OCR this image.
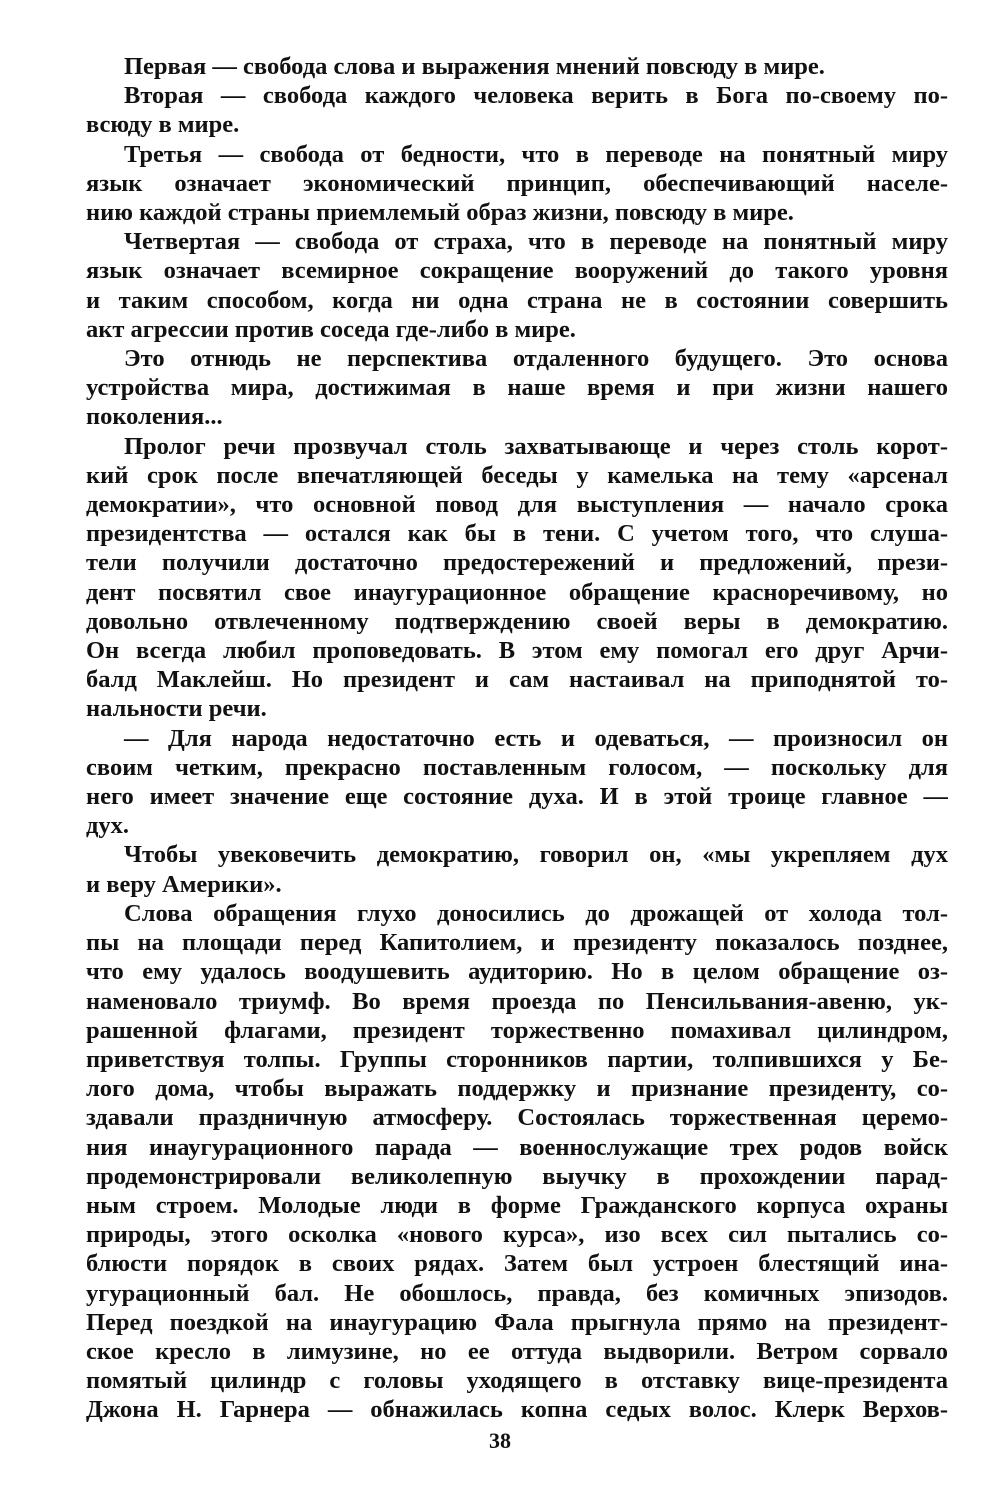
Первая — свобода слова и выражения мнений повсюду в мире.

Вторая — свобода каждого человека верить в Бога по-своему по-
всюду в мире.

Третья — свобода от бедности, что в переводе на понятный миру
язык означает экономический принцип, обеспечивающий населе-
нию каждой страны приемлемый образ жизни, повсюду в мире.

Четвертая — свобода от страха, что в переводе на понятный миру
язык означает всемирное сокращение вооружений до такого уровня
и таким способом, когда ни одна страна не в состоянии совершить
акт агрессии против соседа где-либо в мире.

Это отнюдь не перспектива отдаленного будущего. Это основа
устройства мира, достижимая в наше время и при жизни нашего
поколения...

Пролог речи прозвучал столь захватывающе и через столь корот-
кий срок после впечатляющей беседы у камелька на тему «арсенал
демократии», что основной повод для выступления — начало срока
президентства — остался как бы в тени. С учетом того, что слуша-
тели получили достаточно предостережений и предложений, прези-
дент посвятил свое инаугурационное обращение красноречивому, но
довольно отвлеченному подтверждению своей веры в демократию.
Он всегда любил проповедовать. В этом ему помогал его друг Арчи-
балд Маклейш. Но президент и сам настаивал на приподнятой то-
нальности речи.

— Для народа недостаточно есть и одеваться, — произносил он
своим четким, прекрасно поставленным голосом, — поскольку для
него имеет значение еще состояние духа. И в этой троице главное —
дух.

Чтобы увековечить демократию, говорил он, «мы укрепляем дух
и веру Америки».

Слова обращения глухо доносились до дрожащей от холода тол-
пы на площади перед Капитолием, и президенту показалось позднее,
что ему удалось воодушевить аудиторию. Но в целом обращение оз-
наменовало триумф. Во время проезда по Пенсильвания-авеню, ук-
рашенной флагами, президент торжественно помахивал цилиндром,
приветствуя толпы. Группы сторонников партии, толпившихся у Бе-
лого дома, чтобы выражать поддержку и признание президенту, со-
здавали праздничную атмосферу. Состоялась торжественная церемо-
ния инаугурационного парада — военнослужащие трех родов войск
продемонстрировали великолепную выучку в прохождении парад-
ным строем. Молодые люди в форме Гражданского корпуса охраны
природы, этого осколка «нового курса», изо всех сил пытались со-
блюсти порядок в своих рядах. Затем был устроен блестящий ина-
угурационный бал. Не обошлось, правда, без комичных эпизодов.
Перед поездкой на инаугурацию Фала прыгнула прямо на президент-
ское кресло в лимузине, но ее оттуда выдворили. Ветром сорвало
помятый цилиндр с головы уходящего в отставку вице-президента
Джона Н. Гарнера — обнажилась копна седых волос. Клерк Верхов-

38
